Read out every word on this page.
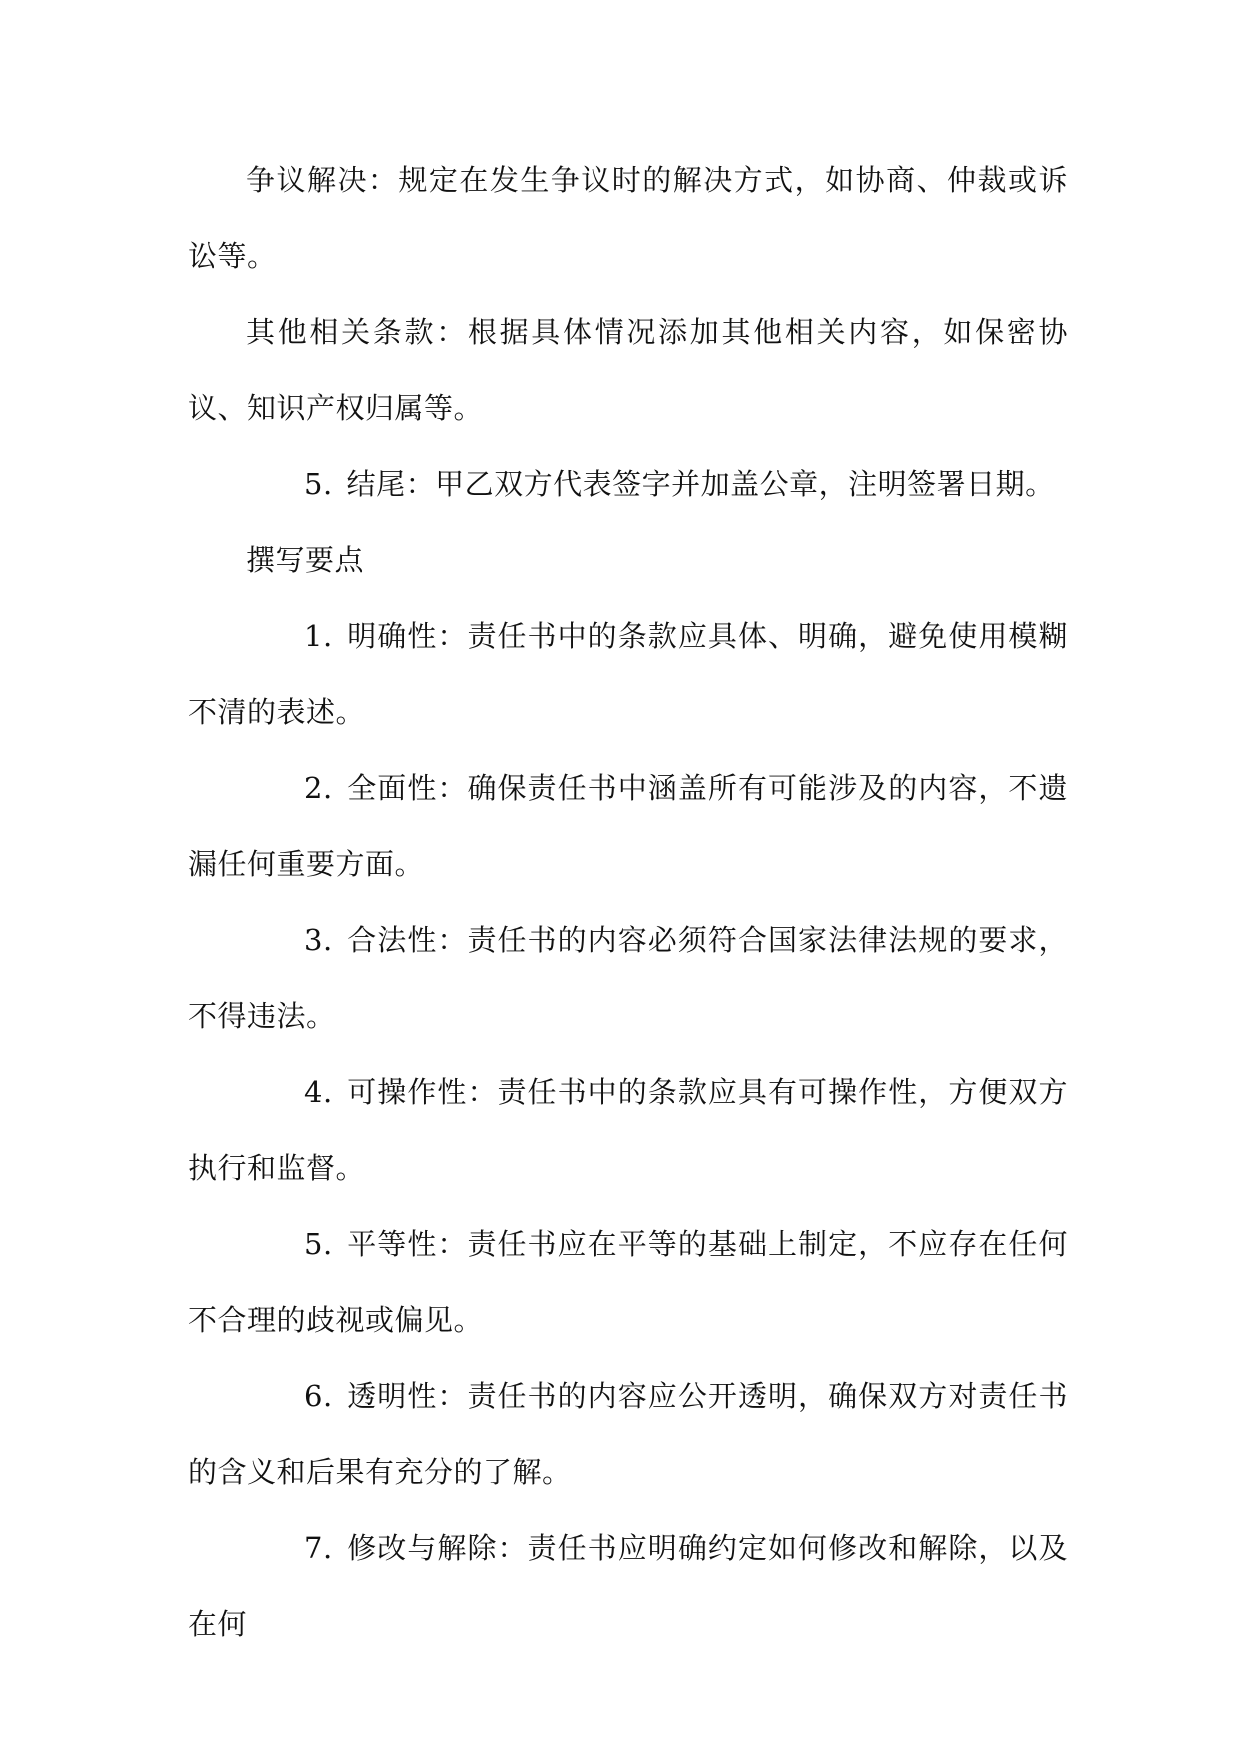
争议解决：规定在发生争议时的解决方式，如协商、仲裁或诉讼等。

其他相关条款：根据具体情况添加其他相关内容，如保密协议、知识产权归属等。

5. 结尾：甲乙双方代表签字并加盖公章，注明签署日期。

撰写要点

1. 明确性：责任书中的条款应具体、明确，避免使用模糊不清的表述。

2. 全面性：确保责任书中涵盖所有可能涉及的内容，不遗漏任何重要方面。

3. 合法性：责任书的内容必须符合国家法律法规的要求，不得违法。

4. 可操作性：责任书中的条款应具有可操作性，方便双方执行和监督。

5. 平等性：责任书应在平等的基础上制定，不应存在任何不合理的歧视或偏见。

6. 透明性：责任书的内容应公开透明，确保双方对责任书的含义和后果有充分的了解。

7. 修改与解除：责任书应明确约定如何修改和解除，以及在何
